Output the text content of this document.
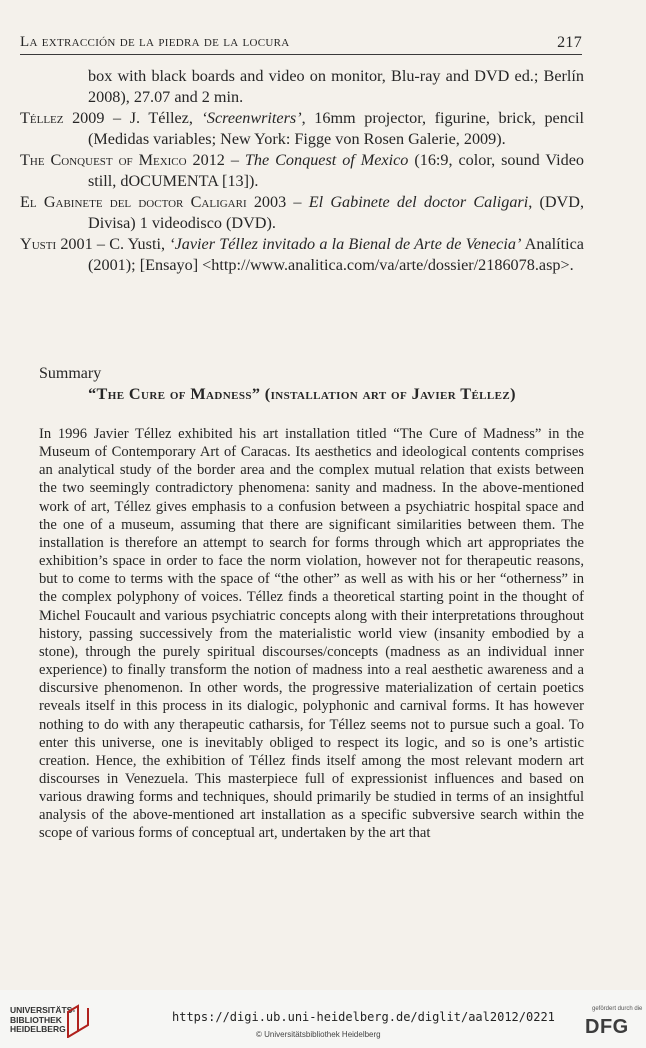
La extracción de la piedra de la locura	217

box with black boards and video on monitor, Blu-ray and DVD ed.; Berlín 2008), 27.07 and 2 min.

Téllez 2009 – J. Téllez, ‘Screenwriters’, 16mm projector, figurine, brick, pencil (Medidas variables; New York: Figge von Rosen Galerie, 2009).

The Conquest of Mexico 2012 – The Conquest of Mexico (16:9, color, sound Video still, dOCUMENTA [13]).

El Gabinete del doctor Caligari 2003 – El Gabinete del doctor Caligari, (DVD, Divisa) 1 videodisco (DVD).

Yusti 2001 – C. Yusti, ‘Javier Téllez invitado a la Bienal de Arte de Venecia’ Analítica (2001); [Ensayo] <http://www.analitica.com/va/arte/dossier/2186078.asp>.

Summary
“The Cure of Madness” (installation art of Javier Téllez)

In 1996 Javier Téllez exhibited his art installation titled “The Cure of Madness” in the Museum of Contemporary Art of Caracas. Its aesthetics and ideological contents comprises an analytical study of the border area and the complex mutual relation that exists between the two seemingly contradictory phenomena: sanity and madness. In the above-mentioned work of art, Téllez gives emphasis to a confusion between a psychiatric hospital space and the one of a museum, assuming that there are significant similarities between them. The installation is therefore an attempt to search for forms through which art appropriates the exhibition’s space in order to face the norm violation, however not for therapeutic reasons, but to come to terms with the space of “the other” as well as with his or her “otherness” in the complex polyphony of voices. Téllez finds a theoretical starting point in the thought of Michel Foucault and various psychiatric concepts along with their interpretations throughout history, passing successively from the materialistic world view (insanity embodied by a stone), through the purely spiritual discourses/concepts (madness as an individual inner experience) to finally transform the notion of madness into a real aesthetic awareness and a discursive phenomenon. In other words, the progressive materialization of certain poetics reveals itself in this process in its dialogic, polyphonic and carnival forms. It has however nothing to do with any therapeutic catharsis, for Téllez seems not to pursue such a goal. To enter this universe, one is inevitably obliged to respect its logic, and so is one’s artistic creation. Hence, the exhibition of Téllez finds itself among the most relevant modern art discourses in Venezuela. This masterpiece full of expressionist influences and based on various drawing forms and techniques, should primarily be studied in terms of an insightful analysis of the above-mentioned art installation as a specific subversive search within the scope of various forms of conceptual art, undertaken by the art that

UNIVERSITÄTS- BIBLIOTHEK HEIDELBERG
https://digi.ub.uni-heidelberg.de/diglit/aal2012/0221
© Universitätsbibliothek Heidelberg
gefördert durch die
DFG
